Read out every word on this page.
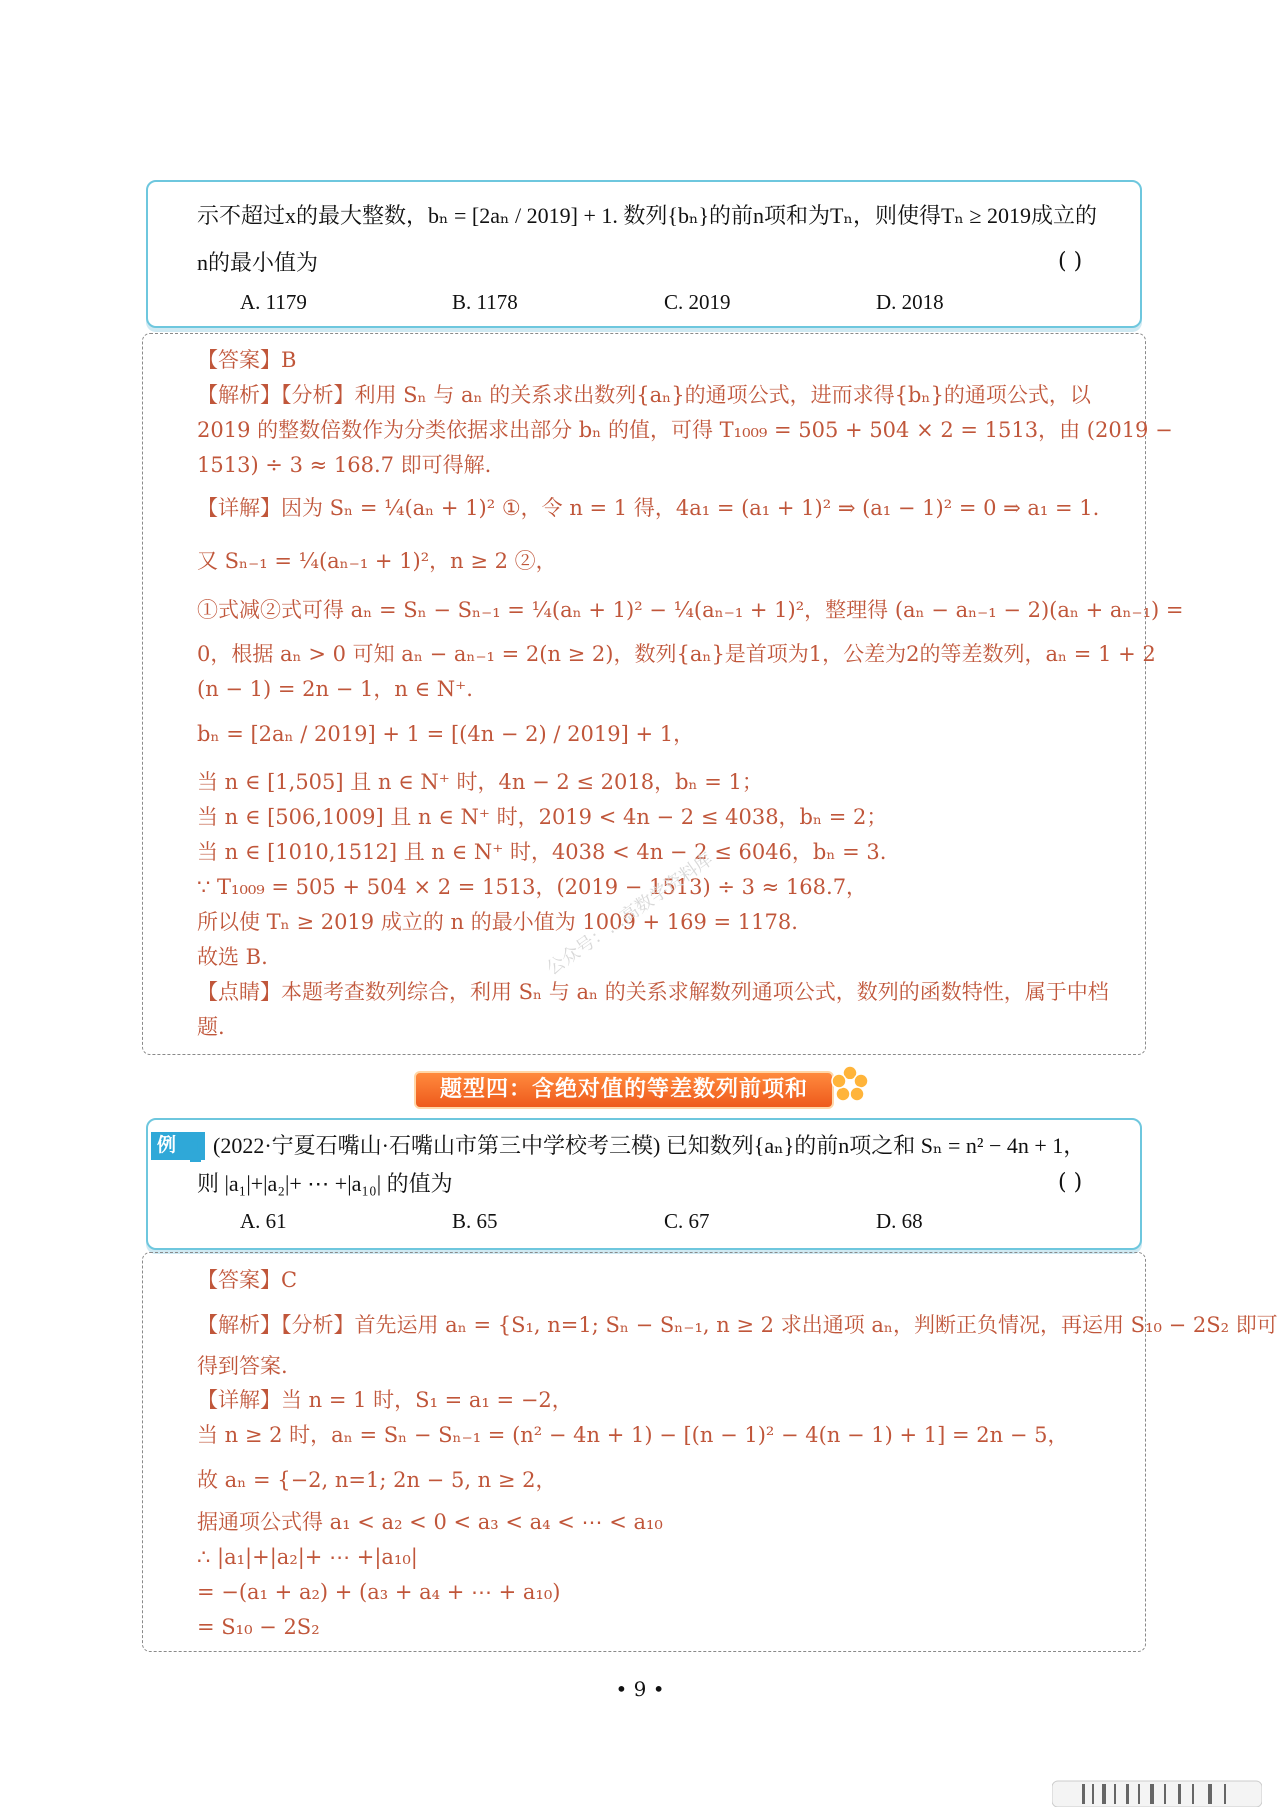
示不超过x的最大整数，bₙ = [2aₙ / 2019] + 1. 数列{bₙ}的前n项和为Tₙ，则使得Tₙ ≥ 2019成立的
n的最小值为	( )
A. 1179	B. 1178	C. 2019	D. 2018
【答案】B
【解析】【分析】利用 Sₙ 与 aₙ 的关系求出数列{aₙ}的通项公式，进而求得{bₙ}的通项公式，以
2019 的整数倍数作为分类依据求出部分 bₙ 的值，可得 T₁₀₀₉ = 505 + 504 × 2 = 1513，由 (2019 −
1513) ÷ 3 ≈ 168.7 即可得解.
【详解】因为 Sₙ = ¼(aₙ + 1)² ①，令 n = 1 得，4a₁ = (a₁ + 1)² ⇒ (a₁ − 1)² = 0 ⇒ a₁ = 1.
又 Sₙ₋₁ = ¼(aₙ₋₁ + 1)²，n ≥ 2 ②，
①式减②式可得 aₙ = Sₙ − Sₙ₋₁ = ¼(aₙ + 1)² − ¼(aₙ₋₁ + 1)²，整理得 (aₙ − aₙ₋₁ − 2)(aₙ + aₙ₋₁) =
0，根据 aₙ > 0 可知 aₙ − aₙ₋₁ = 2(n ≥ 2)，数列{aₙ}是首项为1，公差为2的等差数列，aₙ = 1 + 2
(n − 1) = 2n − 1，n ∈ N⁺.
bₙ = [2aₙ / 2019] + 1 = [(4n − 2) / 2019] + 1，
当 n ∈ [1,505] 且 n ∈ N⁺ 时，4n − 2 ≤ 2018，bₙ = 1；
当 n ∈ [506,1009] 且 n ∈ N⁺ 时，2019 < 4n − 2 ≤ 4038，bₙ = 2；
当 n ∈ [1010,1512] 且 n ∈ N⁺ 时，4038 < 4n − 2 ≤ 6046，bₙ = 3.
∵ T₁₀₀₉ = 505 + 504 × 2 = 1513，(2019 − 1513) ÷ 3 ≈ 168.7，
所以使 Tₙ ≥ 2019 成立的 n 的最小值为 1009 + 169 = 1178.
故选 B.
【点睛】本题考查数列综合，利用 Sₙ 与 aₙ 的关系求解数列通项公式，数列的函数特性，属于中档
题.
公众号：…高数学资料库
题型四：含绝对值的等差数列前项和
例 1 (2022·宁夏石嘴山·石嘴山市第三中学校考三模) 已知数列{aₙ}的前n项之和 Sₙ = n² − 4n + 1，
则 |a₁|+|a₂|+ ⋯ +|a₁₀| 的值为	( )
A. 61	B. 65	C. 67	D. 68
【答案】C
【解析】【分析】首先运用 aₙ = {S₁, n=1; Sₙ − Sₙ₋₁, n ≥ 2 求出通项 aₙ，判断正负情况，再运用 S₁₀ − 2S₂ 即可
得到答案.
【详解】当 n = 1 时，S₁ = a₁ = −2，
当 n ≥ 2 时，aₙ = Sₙ − Sₙ₋₁ = (n² − 4n + 1) − [(n − 1)² − 4(n − 1) + 1] = 2n − 5，
故 aₙ = {−2, n=1; 2n − 5, n ≥ 2，
据通项公式得 a₁ < a₂ < 0 < a₃ < a₄ < ⋯ < a₁₀
∴ |a₁|+|a₂|+ ⋯ +|a₁₀|
= −(a₁ + a₂) + (a₃ + a₄ + ⋯ + a₁₀)
= S₁₀ − 2S₂
• 9 •
